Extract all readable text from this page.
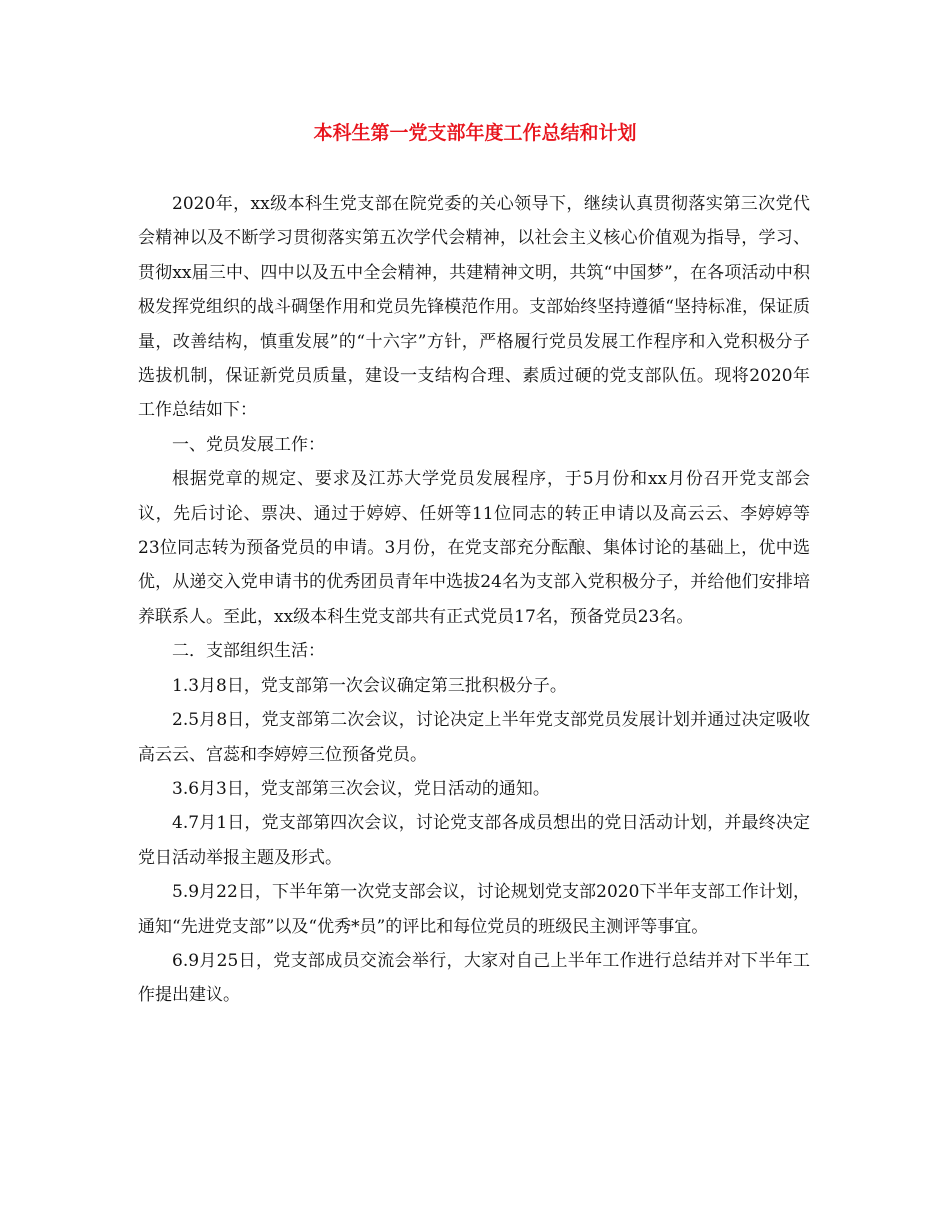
本科生第一党支部年度工作总结和计划

2020年，xx级本科生党支部在院党委的关心领导下，继续认真贯彻落实第三次党代会精神以及不断学习贯彻落实第五次学代会精神，以社会主义核心价值观为指导，学习、贯彻xx届三中、四中以及五中全会精神，共建精神文明，共筑“中国梦”，在各项活动中积极发挥党组织的战斗碉堡作用和党员先锋模范作用。支部始终坚持遵循“坚持标准，保证质量，改善结构，慎重发展”的“十六字”方针，严格履行党员发展工作程序和入党积极分子选拔机制，保证新党员质量，建设一支结构合理、素质过硬的党支部队伍。现将2020年工作总结如下：

一、党员发展工作：

根据党章的规定、要求及江苏大学党员发展程序，于5月份和xx月份召开党支部会议，先后讨论、票决、通过于婷婷、任妍等11位同志的转正申请以及高云云、李婷婷等23位同志转为预备党员的申请。3月份，在党支部充分酝酿、集体讨论的基础上，优中选优，从递交入党申请书的优秀团员青年中选拔24名为支部入党积极分子，并给他们安排培养联系人。至此，xx级本科生党支部共有正式党员17名，预备党员23名。

二．支部组织生活：

1.3月8日，党支部第一次会议确定第三批积极分子。

2.5月8日，党支部第二次会议，讨论决定上半年党支部党员发展计划并通过决定吸收高云云、宫蕊和李婷婷三位预备党员。

3.6月3日，党支部第三次会议，党日活动的通知。

4.7月1日，党支部第四次会议，讨论党支部各成员想出的党日活动计划，并最终决定党日活动举报主题及形式。

5.9月22日，下半年第一次党支部会议，讨论规划党支部2020下半年支部工作计划，通知“先进党支部”以及“优秀*员”的评比和每位党员的班级民主测评等事宜。

6.9月25日，党支部成员交流会举行，大家对自己上半年工作进行总结并对下半年工作提出建议。
